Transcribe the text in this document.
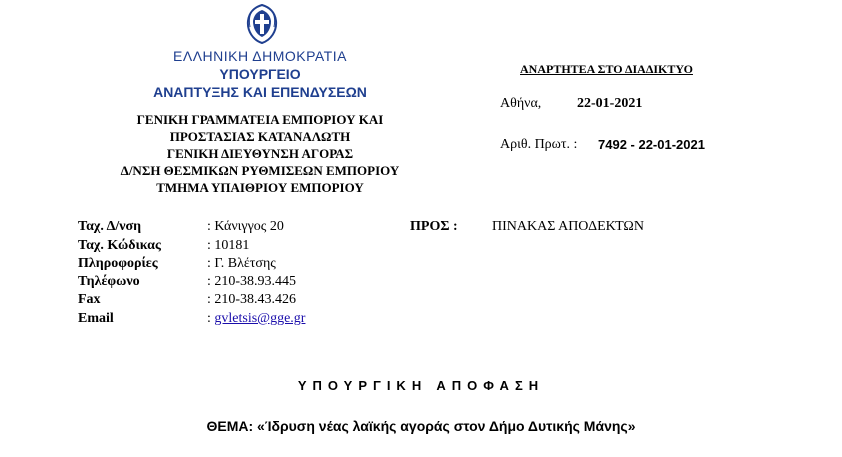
ΕΛΛΗΝΙΚΗ ΔΗΜΟΚΡΑΤΙΑ
ΥΠΟΥΡΓΕΙΟ
ΑΝΑΠΤΥΞΗΣ ΚΑΙ ΕΠΕΝΔΥΣΕΩΝ
ΓΕΝΙΚΗ ΓΡΑΜΜΑΤΕΙΑ ΕΜΠΟΡΙΟΥ ΚΑΙ
ΠΡΟΣΤΑΣΙΑΣ ΚΑΤΑΝΑΛΩΤΗ
ΓΕΝΙΚΗ ΔΙΕΥΘΥΝΣΗ ΑΓΟΡΑΣ
Δ/ΝΣΗ ΘΕΣΜΙΚΩΝ ΡΥΘΜΙΣΕΩΝ ΕΜΠΟΡΙΟΥ
ΤΜΗΜΑ ΥΠΑΙΘΡΙΟΥ ΕΜΠΟΡΙΟΥ
ΑΝΑΡΤΗΤΕΑ ΣΤΟ ΔΙΑΔΙΚΤΥΟ
Αθήνα,	22-01-2021
Αριθ. Πρωτ. : 7492 - 22-01-2021
Ταχ. Δ/νση	: Κάνιγγος 20
Ταχ. Κώδικας	: 10181
Πληροφορίες	: Γ. Βλέτσης
Τηλέφωνο	: 210-38.93.445
Fax	: 210-38.43.426
Email	: gvletsis@gge.gr
ΠΡΟΣ : ΠΙΝΑΚΑΣ ΑΠΟΔΕΚΤΩΝ
ΥΠΟΥΡΓΙΚΗ ΑΠΟΦΑΣΗ
ΘΕΜΑ: «Ίδρυση νέας λαϊκής αγοράς στον Δήμο Δυτικής Μάνης»
